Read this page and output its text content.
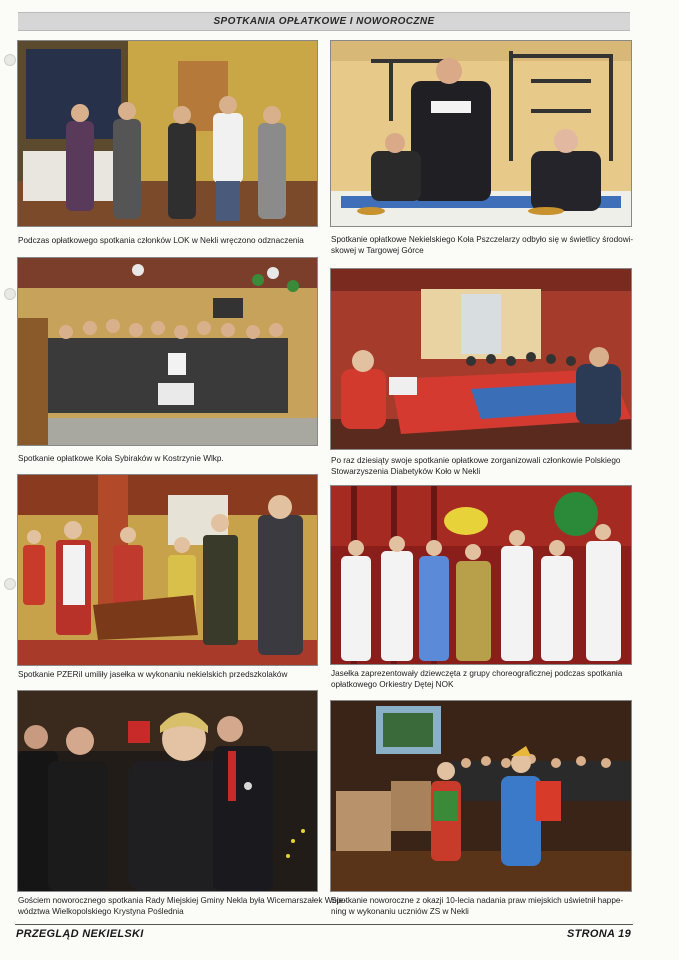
SPOTKANIA OPŁATKOWE I NOWOROCZNE
Podczas opłatkowego spotkania członków LOK w Nekli wręczono odznaczenia	Spotkanie opłatkowe Nekielskiego Koła Pszczelarzy odbyło się w świetlicy środowi-
skowej w Targowej Górce
Spotkanie opłatkowe Koła Sybiraków w Kostrzynie Wlkp.	Po raz dziesiąty swoje spotkanie opłatkowe zorganizowali członkowie Polskiego
Stowarzyszenia Diabetyków Koło w Nekli
Spotkanie PZERiI umiliły jasełka w wykonaniu nekielskich przedszkolaków	Jasełka zaprezentowały dziewczęta z grupy choreograficznej podczas spotkania
opłatkowego Orkiestry Dętej NOK
Gościem noworocznego spotkania Rady Miejskiej Gminy Nekla była Wicemarszałek Woje-
wództwa Wielkopolskiego Krystyna Poślednia
Spotkanie noworoczne z okazji 10-lecia nadania praw miejskich uświetnił happe-
ning w wykonaniu uczniów ZS w Nekli
PRZEGLĄD NEKIELSKI	STRONA 19
